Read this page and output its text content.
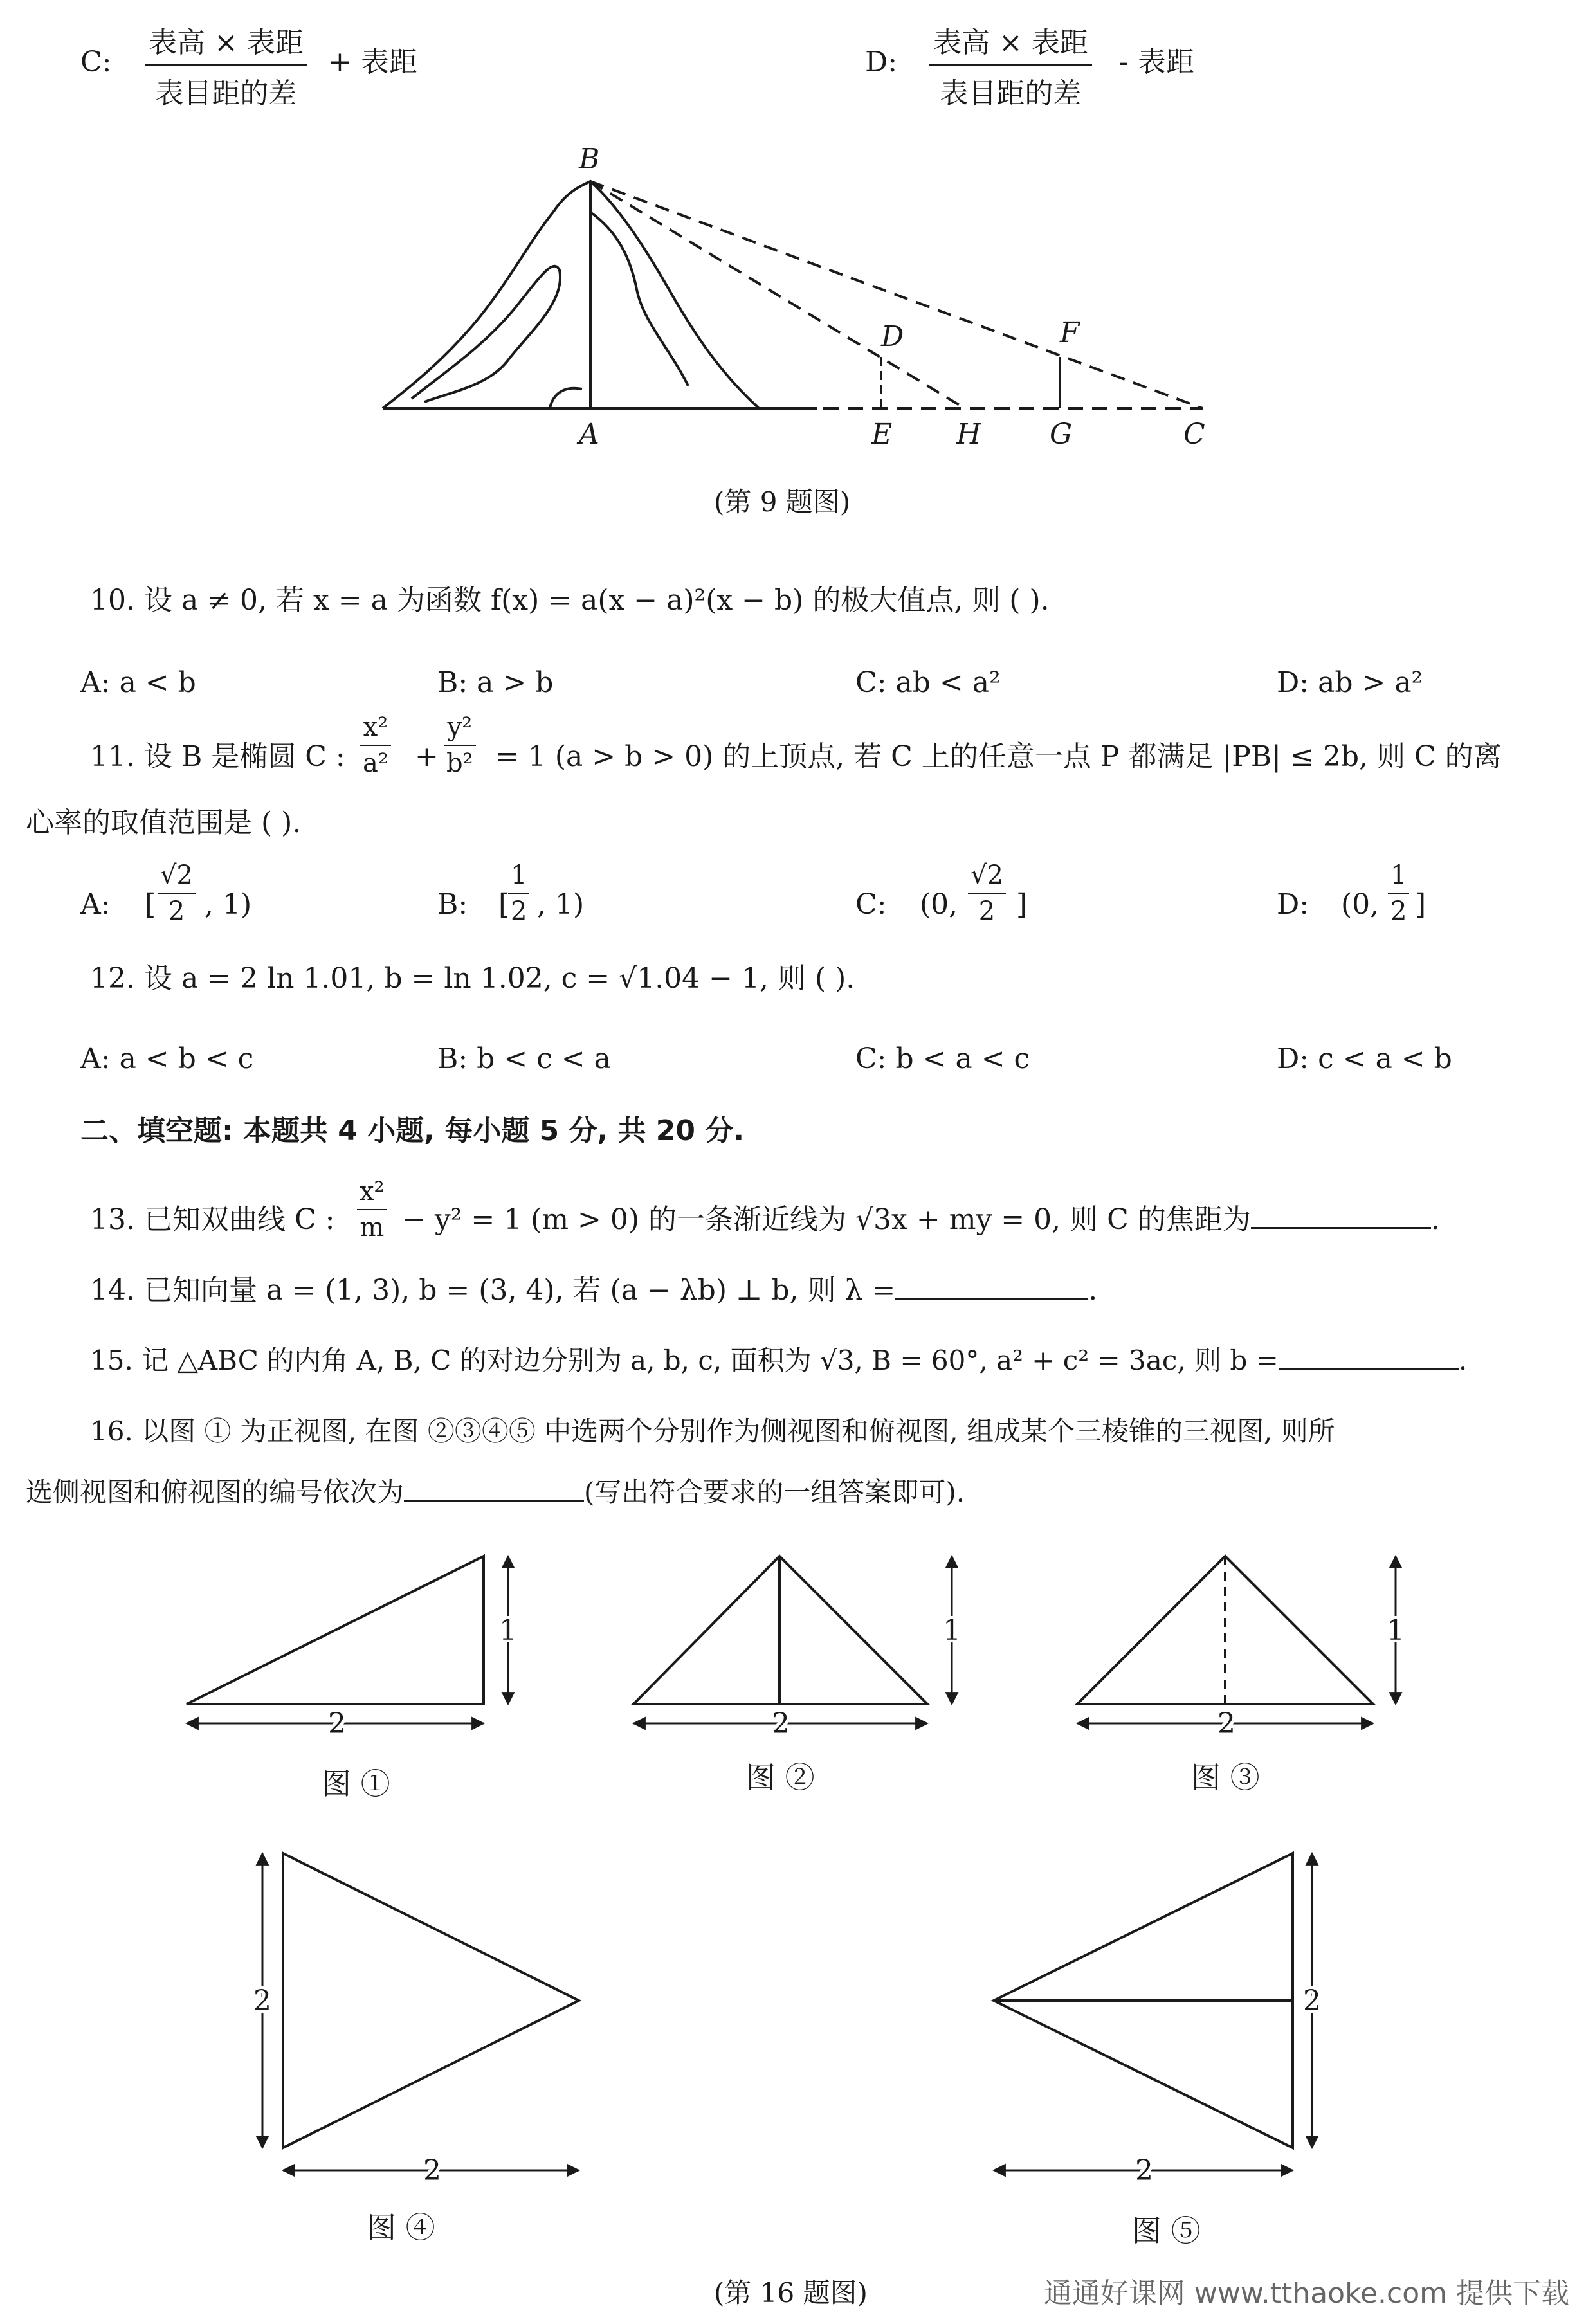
C:
表高 × 表距
表目距的差
+ 表距	D:
表高 × 表距
表目距的差
- 表距
B
D	F
A	E H G	C
(第 9 题图)
10. 设 a ≠ 0, 若 x = a 为函数 f(x) = a(x − a)²(x − b) 的极大值点, 则 ( ).
A: a < b	B: a > b	C: ab < a²	D: ab > a²
11. 设 B 是椭圆 C : $\frac{\text{x²}}{\text{a²}} + \frac{\text{y²}}{\text{b²}} = 1$ (a > b > 0) 的上顶点, 若 C 上的任意一点 P 都满足 |PB| ≤ 2b, 则 C 的离
心率的取值范围是 ( ).
A: [ $\frac{√2}{2}$ , 1)	B: [
$\frac{1}{2}$ , 1)	C: (0, $\frac{√2}{2}$ ]	D: (0, $\frac{1}{2}$ ]
12. 设 a = 2 ln 1.01, b = ln 1.02, c = √1.04 − 1, 则 ( ).
A: a < b < c	B: b < c < a	C: b < a < c	D: c < a < b
二、填空题: 本题共 4 小题, 每小题 5 分, 共 20 分.
13. 已知双曲线 C : $\frac{\text{x²}}{m} - y^2 = 1$ (m > 0) 的一条渐近线为 √3x + my = 0, 则 C 的焦距为	.
14. 已知向量 a = (1, 3), b = (3, 4), 若 (a − λb) ⊥ b, 则 λ =	.
15. 记 △ABC 的内角 A, B, C 的对边分别为 a, b, c, 面积为 √3, B = 60°, a² + c² = 3ac, 则 b =	.
16. 以图 ① 为正视图, 在图 ②③④⑤ 中选两个分别作为侧视图和俯视图, 组成某个三棱锥的三视图, 则所
选侧视图和俯视图的编号依次为	(写出符合要求的一组答案即可).
2
1
2
1
2
1
2
2
2
2
图 ①	图 ②	图 ③
图 ④	图 ⑤
(第 16 题图)	通通好课网 www.tthaoke.com 提供下载
